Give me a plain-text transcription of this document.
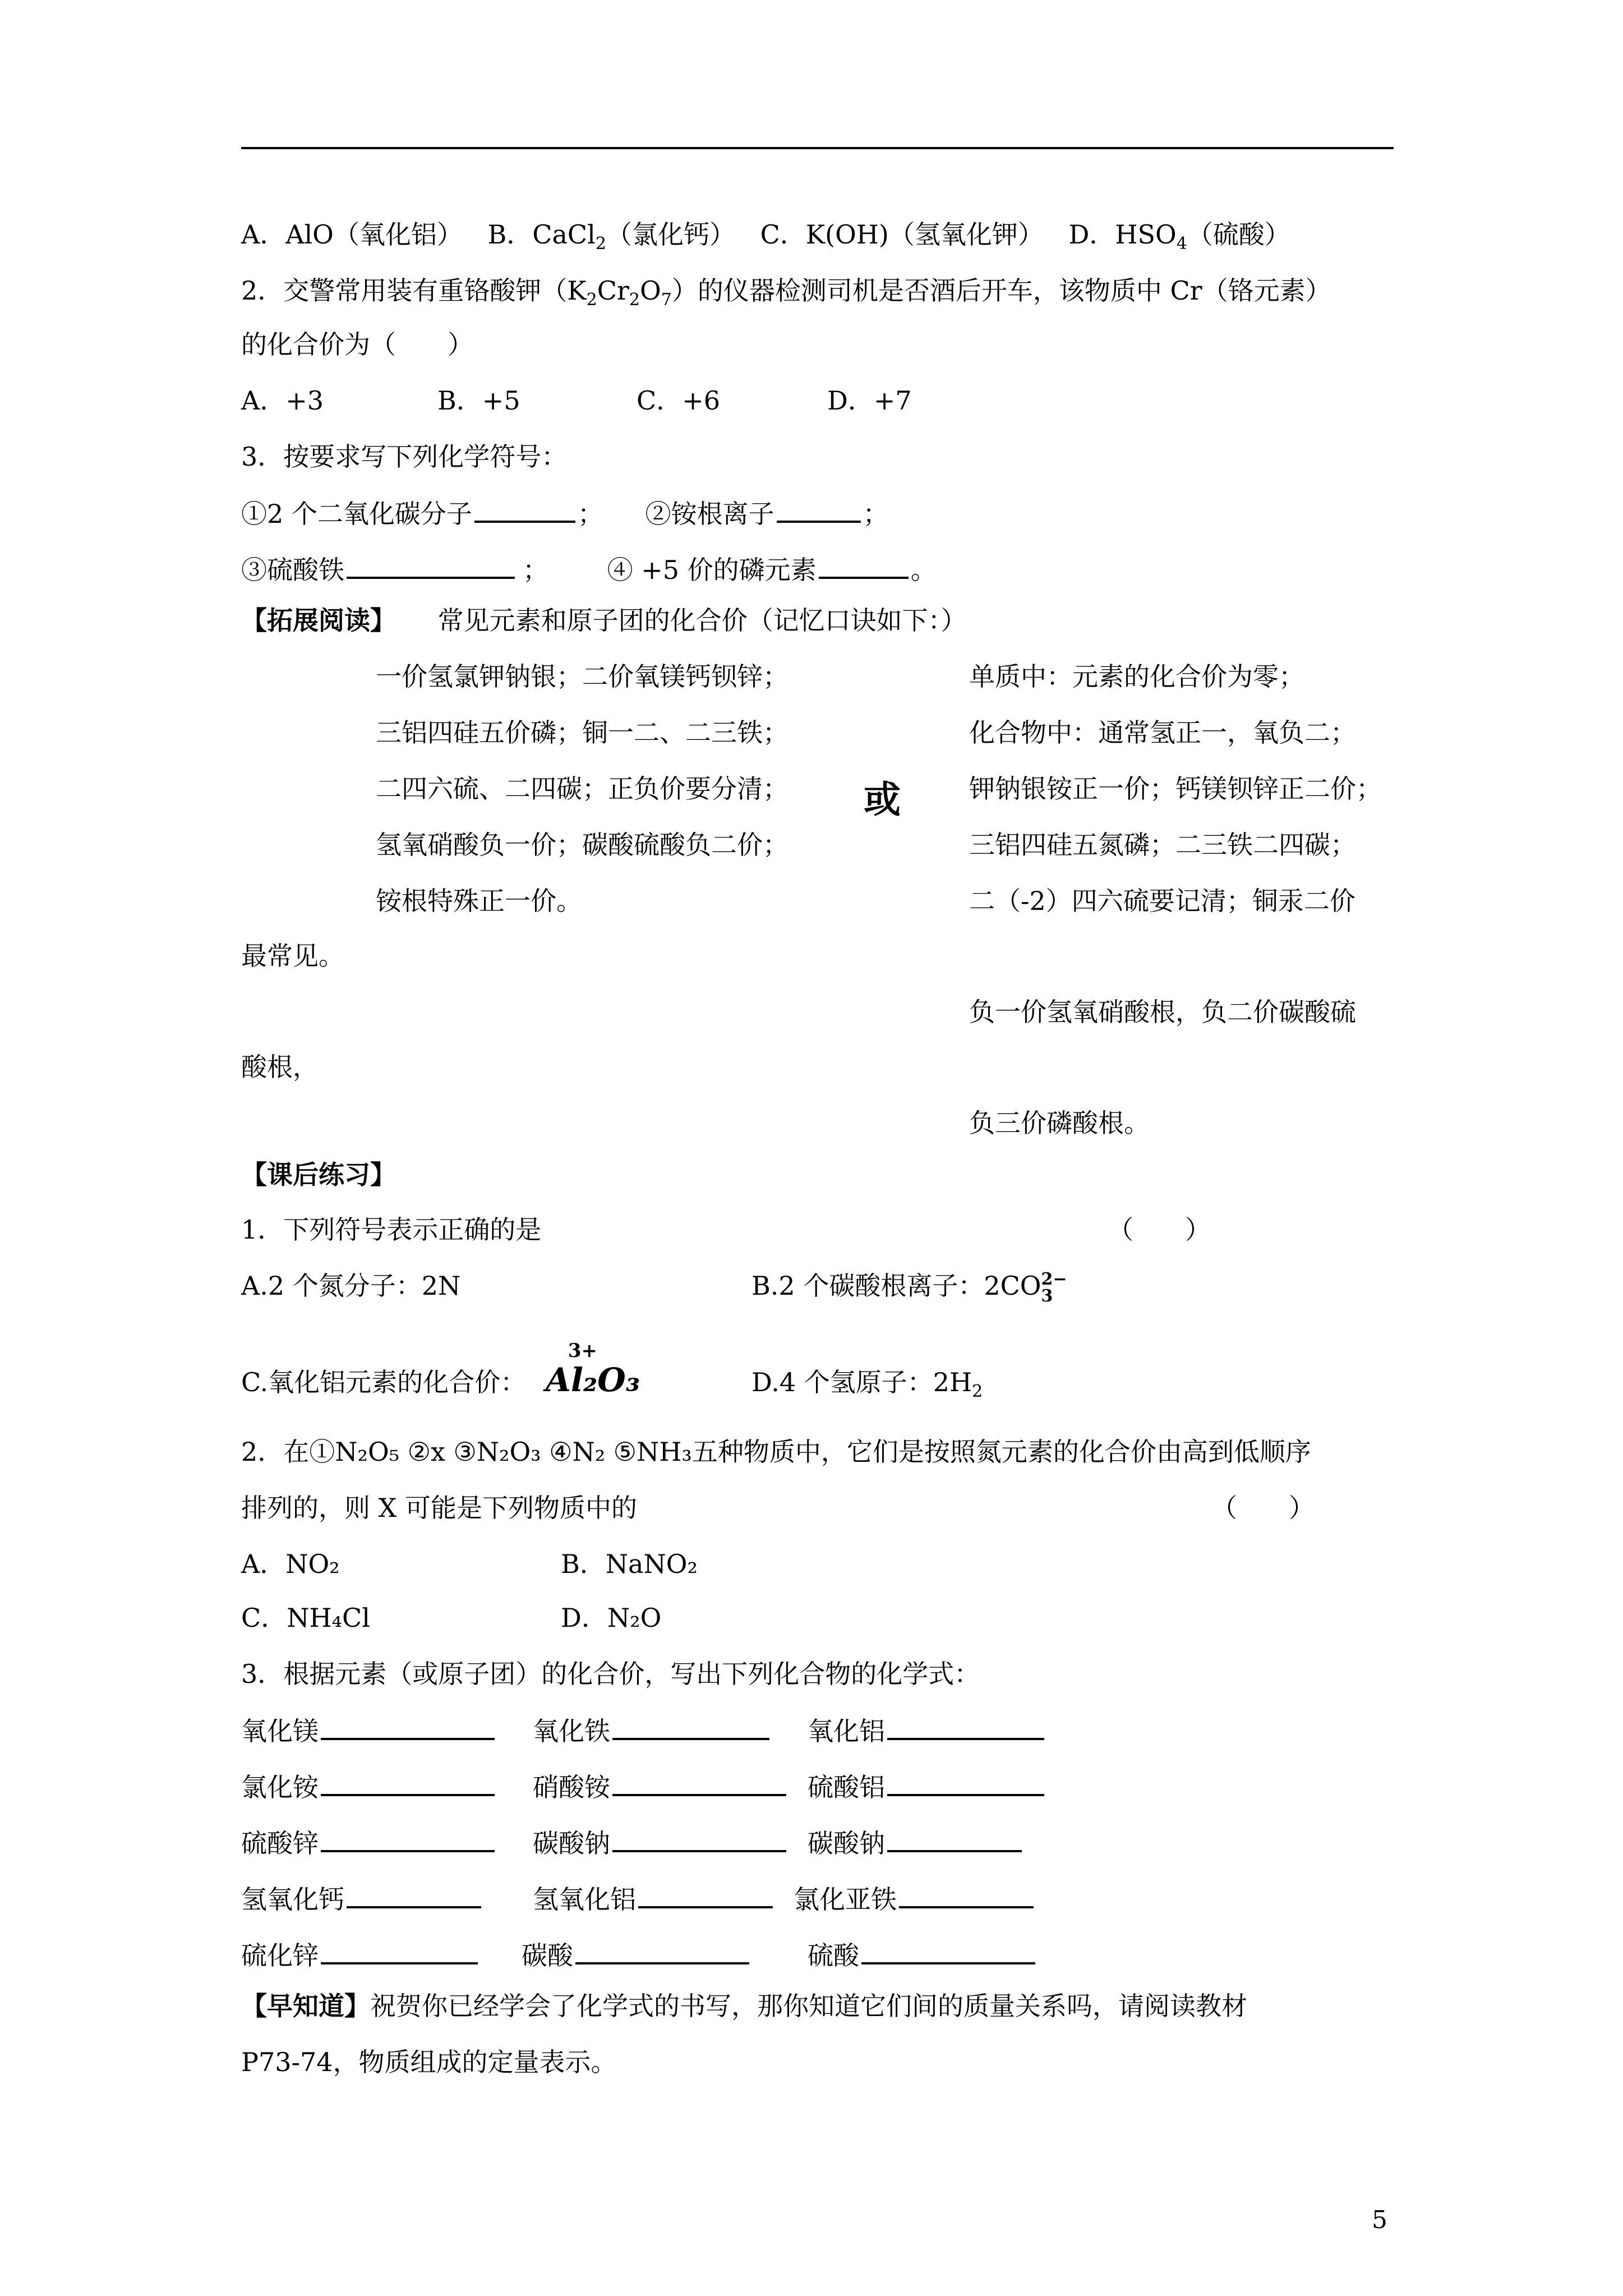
A．AlO（氧化铝） B．CaCl$_2$（氯化钙） C．K(OH)（氢氧化钾） D．$HSO_4$（硫酸）
2．交警常用装有重铬酸钾$(K_2Cr_2O_7)$的仪器检测司机是否酒后开车，该物质中 Cr（铬元素）
的化合价为（　　）
A．+3	B．+5	C．+6	D．+7
3．按要求写下列化学符号：
①2 个二氧化碳分子	； ②铵根离子	；
③硫酸铁	； ④ +5 价的磷元素	。
【拓展阅读】 常见元素和原子团的化合价（记忆口诀如下：）
一价氢氯钾钠银；二价氧镁钙钡锌；
三铝四硅五价磷；铜一二、二三铁；
二四六硫、二四碳；正负价要分清；
氢氧硝酸负一价；碳酸硫酸负二价；
铵根特殊正一价。
或
单质中：元素的化合价为零；
化合物中：通常氢正一，氧负二；
钾钠银铵正一价；钙镁钡锌正二价；
三铝四硅五氮磷；二三铁二四碳；
二（-2）四六硫要记清；铜汞二价
最常见。
负一价氢氧硝酸根，负二价碳酸硫
酸根，
负三价磷酸根。
【课后练习】
1．下列符号表示正确的是	（　　）
A.2 个氮分子：2N	B.2 个碳酸根离子：2CO 2−
3
C.氧化铝元素的化合价：
3+
Al₂O₃	D.4 个氢原子：$2H_2$
2．在①N₂O₅ ②x ③N₂O₃ ④N₂ ⑤NH₃五种物质中，它们是按照氮元素的化合价由高到低顺序
排列的，则 X 可能是下列物质中的	（　　）
A．NO₂	B．NaNO₂
C．NH₄Cl	D．N₂O
3．根据元素（或原子团）的化合价，写出下列化合物的化学式：
氧化镁	氧化铁	氧化铝
氯化铵	硝酸铵	硫酸铝
硫酸锌	碳酸钠	碳酸钠
氢氧化钙	氢氧化铝	氯化亚铁
硫化锌	碳酸	硫酸
【早知道】祝贺你已经学会了化学式的书写，那你知道它们间的质量关系吗，请阅读教材
P73-74，物质组成的定量表示。
5
